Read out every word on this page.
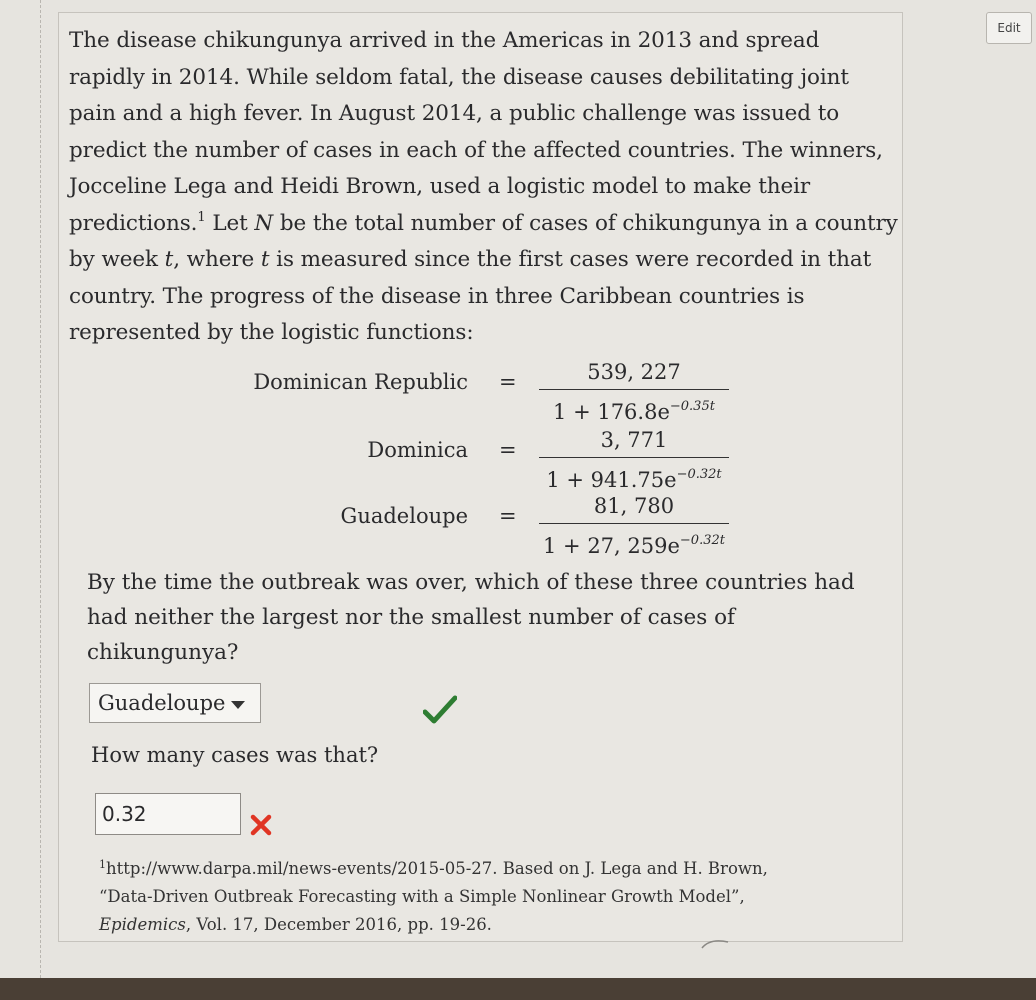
Edit

The disease chikungunya arrived in the Americas in 2013 and spread rapidly in 2014. While seldom fatal, the disease causes debilitating joint pain and a high fever. In August 2014, a public challenge was issued to predict the number of cases in each of the affected countries. The winners, Jocceline Lega and Heidi Brown, used a logistic model to make their predictions.$^1$ Let N be the total number of cases of chikungunya in a country by week t, where t is measured since the first cases were recorded in that country. The progress of the disease in three Caribbean countries is represented by the logistic functions:

Dominican Republic =	539, 227
$1 + 176.8e^{-0.35t}$
Dominica =	3, 771
$1 + 941.75e^{-0.32t}$
Guadeloupe =	81, 780
1 + 27, $259e^{-0.32t}$
By the time the outbreak was over, which of these three countries had had neither the largest nor the smallest number of cases of chikungunya?
Guadeloupe
How many cases was that?
0.32
$^1$http://www.darpa.mil/news-events/2015-05-27. Based on J. Lega and H. Brown,
“Data-Driven Outbreak Forecasting with a Simple Nonlinear Growth Model”,
Epidemics, Vol. 17, December 2016, pp. 19-26.
